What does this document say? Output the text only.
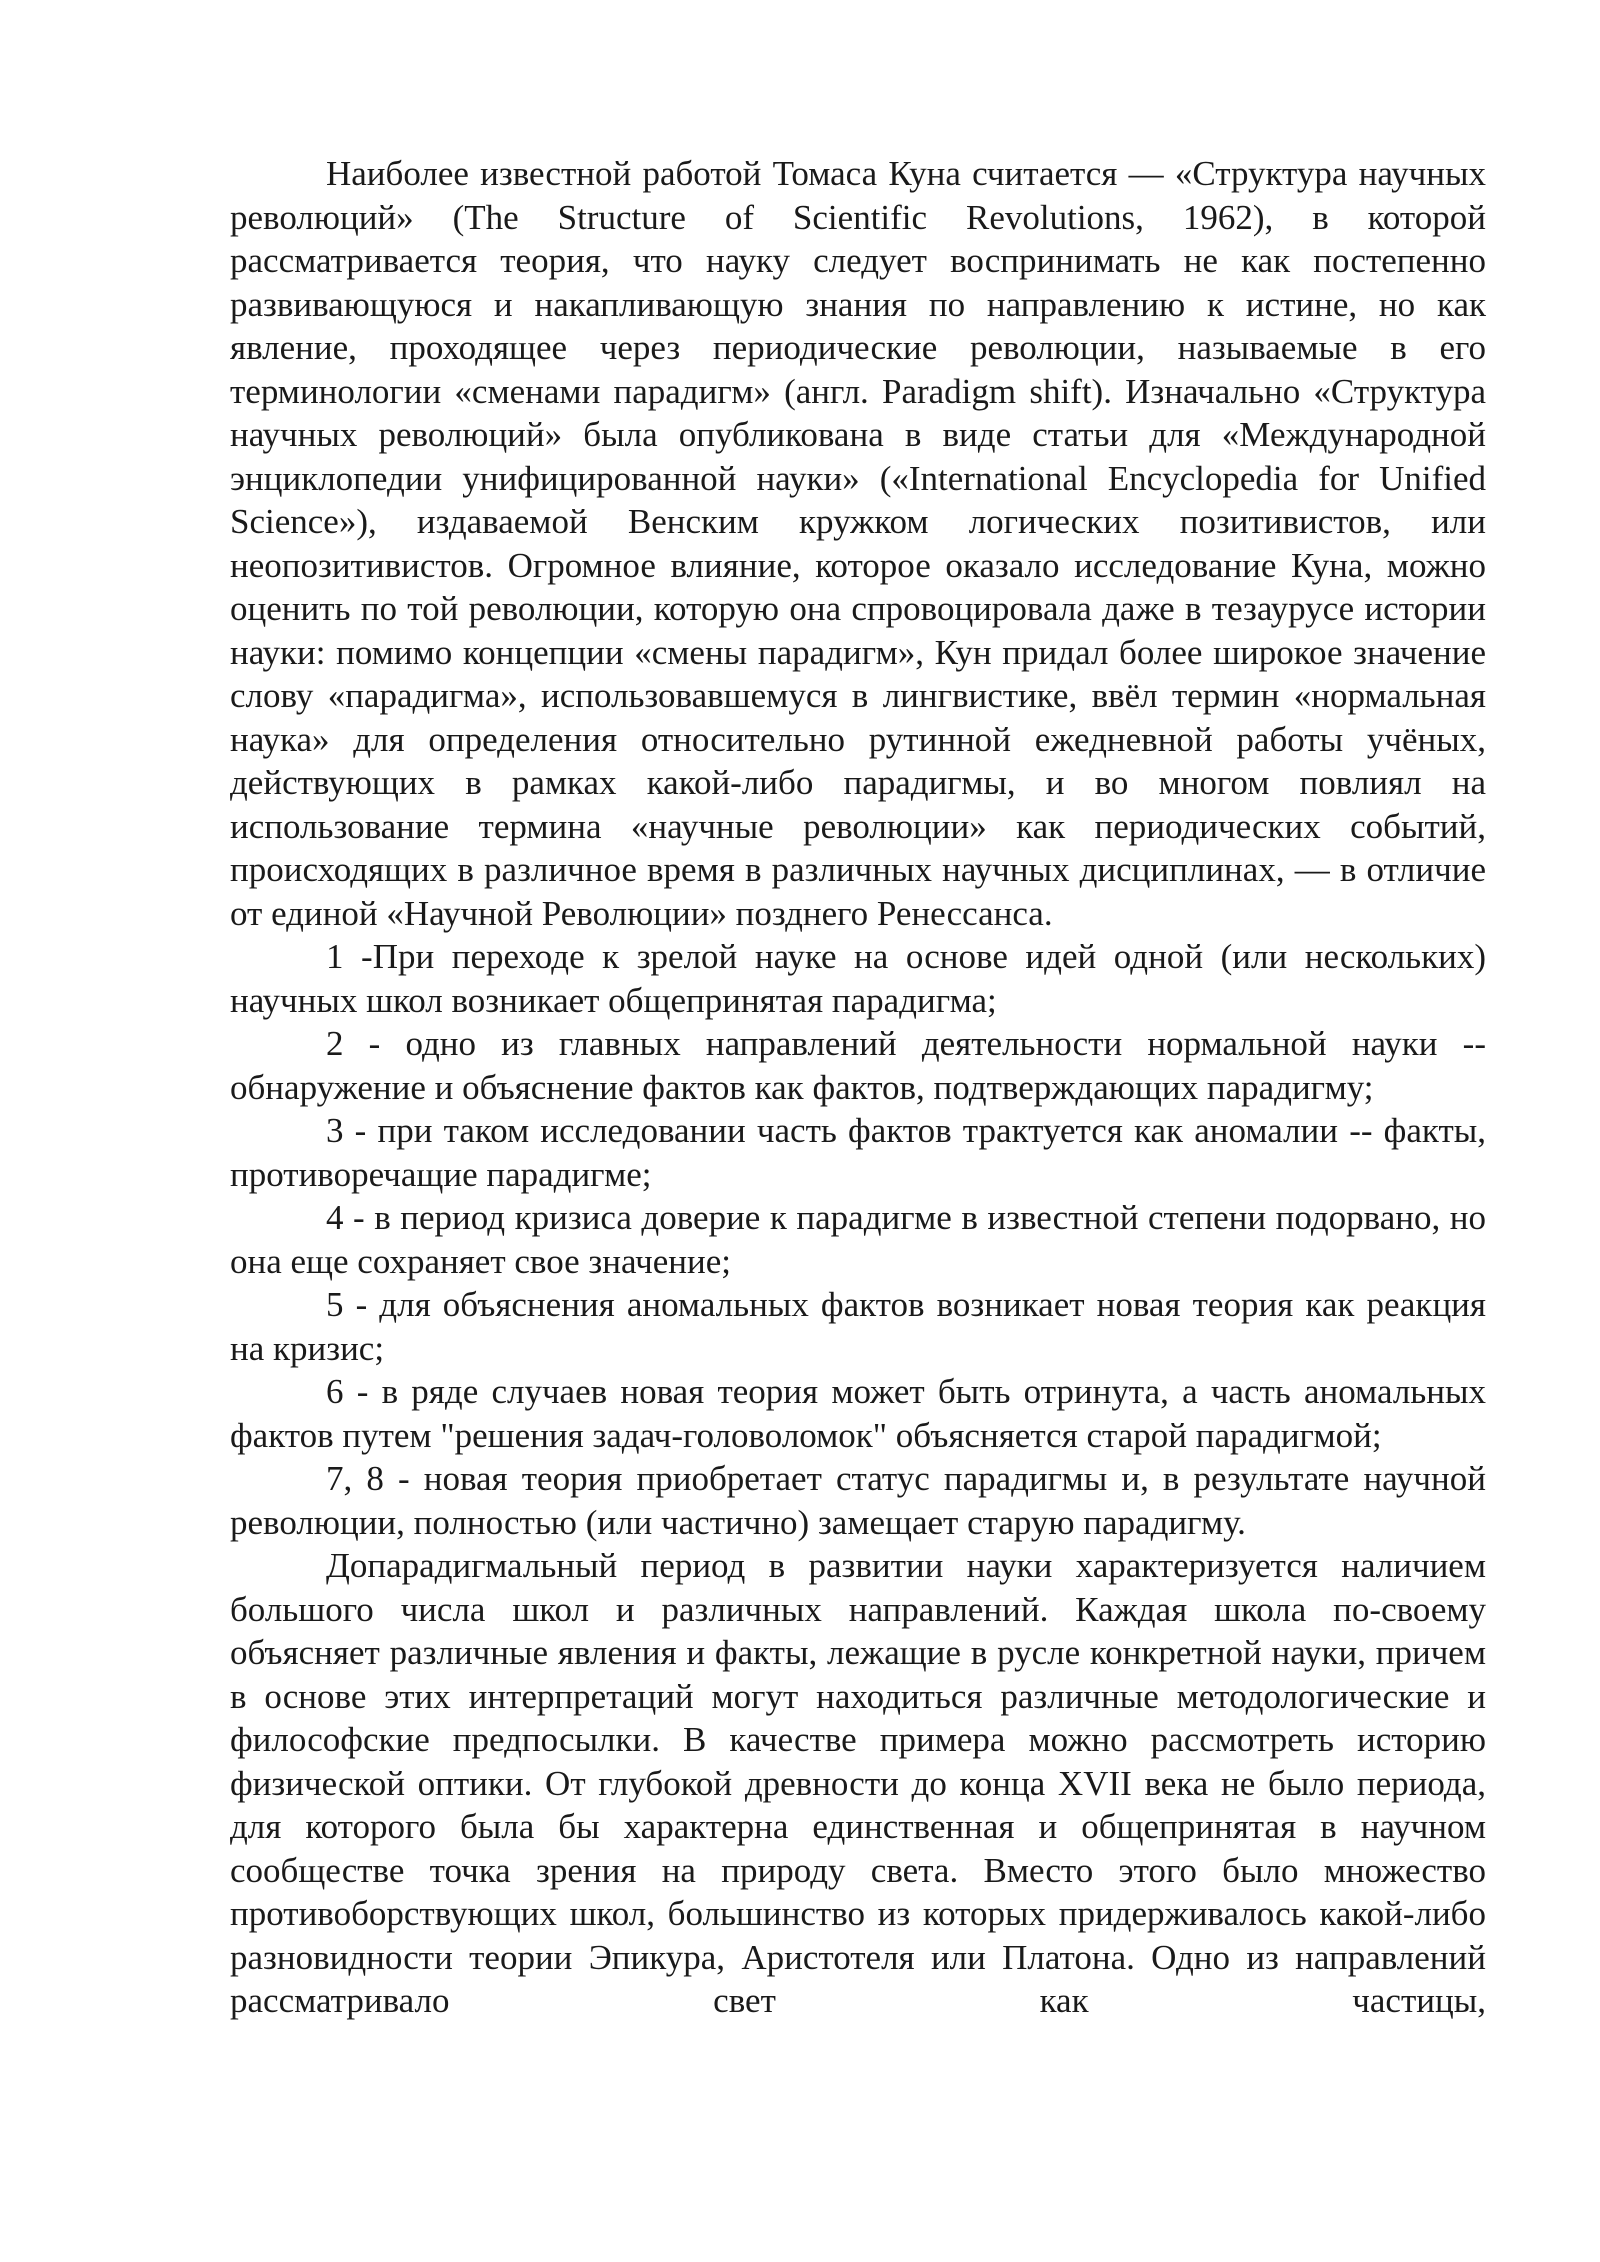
Наиболее известной работой Томаса Куна считается — «Структура научных революций» (The Structure of Scientific Revolutions, 1962), в которой рассматривается теория, что науку следует воспринимать не как постепенно развивающуюся и накапливающую знания по направлению к истине, но как явление, проходящее через периодические революции, называемые в его терминологии «сменами парадигм» (англ. Paradigm shift). Изначально «Структура научных революций» была опубликована в виде статьи для «Международной энциклопедии унифицированной науки» («International Encyclopedia for Unified Science»), издаваемой Венским кружком логических позитивистов, или неопозитивистов. Огромное влияние, которое оказало исследование Куна, можно оценить по той революции, которую она спровоцировала даже в тезаурусе истории науки: помимо концепции «смены парадигм», Кун придал более широкое значение слову «парадигма», использовавшемуся в лингвистике, ввёл термин «нормальная наука» для определения относительно рутинной ежедневной работы учёных, действующих в рамках какой-либо парадигмы, и во многом повлиял на использование термина «научные революции» как периодических событий, происходящих в различное время в различных научных дисциплинах, — в отличие от единой «Научной Революции» позднего Ренессанса.

1 -При переходе к зрелой науке на основе идей одной (или нескольких) научных школ возникает общепринятая парадигма;

2 - одно из главных направлений деятельности нормальной науки -- обнаружение и объяснение фактов как фактов, подтверждающих парадигму;

3 - при таком исследовании часть фактов трактуется как аномалии -- факты, противоречащие парадигме;

4 - в период кризиса доверие к парадигме в известной степени подорвано, но она еще сохраняет свое значение;

5 - для объяснения аномальных фактов возникает новая теория как реакция на кризис;

6 - в ряде случаев новая теория может быть отринута, а часть аномальных фактов путем "решения задач-головоломок" объясняется старой парадигмой;

7, 8 - новая теория приобретает статус парадигмы и, в результате научной революции, полностью (или частично) замещает старую парадигму.

Допарадигмальный период в развитии науки характеризуется наличием большого числа школ и различных направлений. Каждая школа по-своему объясняет различные явления и факты, лежащие в русле конкретной науки, причем в основе этих интерпретаций могут находиться различные методологические и философские предпосылки. В качестве примера можно рассмотреть историю физической оптики. От глубокой древности до конца XVII века не было периода, для которого была бы характерна единственная и общепринятая в научном сообществе точка зрения на природу света. Вместо этого было множество противоборствующих школ, большинство из которых придерживалось какой-либо разновидности теории Эпикура, Аристотеля или Платона. Одно из направлений рассматривало свет как частицы,
